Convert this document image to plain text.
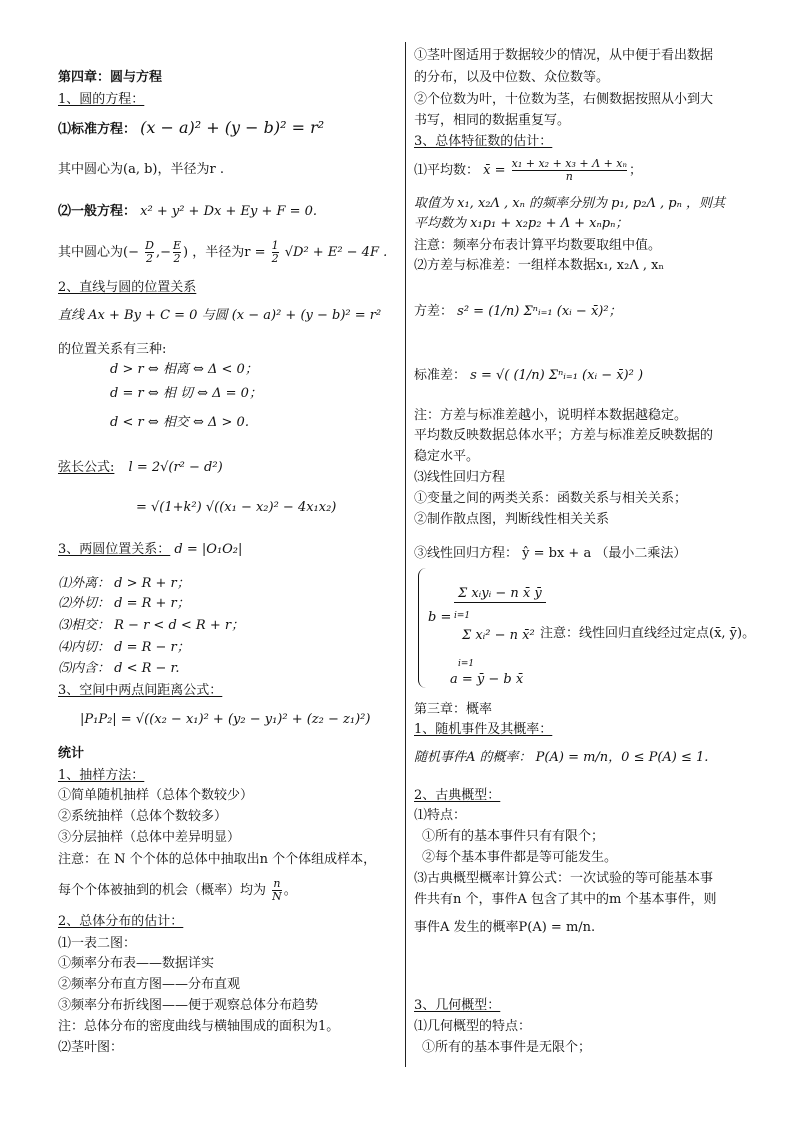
第四章：圆与方程
1、圆的方程：
⑴标准方程： (x − a)² + (y − b)² = r²
其中圆心为(a, b)，半径为r .
⑵一般方程： x² + y² + Dx + Ey + F = 0.
其中圆心为(− $\frac{D}{2}$ ,− $\frac{E}{2}$ ) ，半径为$r = \frac{1}{2} √D^2 + E^2 - 4F$ .
2、直线与圆的位置关系
直线 Ax + By + C = 0 与圆 (x − a)² + (y − b)² = r²
的位置关系有三种:
d > r ⇔ 相离 ⇔ Δ < 0；
d = r ⇔ 相 切 ⇔ Δ = 0；
d < r ⇔ 相交 ⇔ Δ > 0.
弦长公式: l = 2√(r² − d²)
= √(1+k²) √((x₁ − x₂)² − 4x₁x₂)
3、两圆位置关系： d = |O₁O₂|
⑴外离： d > R + r；
⑵外切： d = R + r；
⑶相交： R − r < d < R + r；
⑷内切： d = R − r；
⑸内含： d < R − r.
3、空间中两点间距离公式：
|P₁P₂| = √((x₂ − x₁)² + (y₂ − y₁)² + (z₂ − z₁)²)
统计
1、抽样方法：
①简单随机抽样（总体个数较少）
②系统抽样（总体个数较多）
③分层抽样（总体中差异明显）
注意：在 N 个个体的总体中抽取出n 个个体组成样本，
每个个体被抽到的机会（概率）均为 $\frac{n}{N}$ 。
2、总体分布的估计：
⑴一表二图：
①频率分布表——数据详实
②频率分布直方图——分布直观
③频率分布折线图——便于观察总体分布趋势
注：总体分布的密度曲线与横轴围成的面积为1。
⑵茎叶图：
①茎叶图适用于数据较少的情况，从中便于看出数据
的分布，以及中位数、众位数等。
②个位数为叶，十位数为茎，右侧数据按照从小到大
书写，相同的数据重复写。
3、总体特征数的估计：
⑴平均数： x̄ = $\frac{\text{x₁ + x₂ + x₃ + Λ + xₙ}}{n}$ ；
取值为 x₁, x₂Λ , xₙ 的频率分别为 p₁, p₂Λ , pₙ ，则其
平均数为 x₁p₁ + x₂p₂ + Λ + xₙpₙ；
注意：频率分布表计算平均数要取组中值。
⑵方差与标准差：一组样本数据x₁, x₂Λ , xₙ
方差： s² = (1/n) Σⁿᵢ₌₁ (xᵢ − x̄)²；
标准差： s = √( (1/n) Σⁿᵢ₌₁ (xᵢ − x̄)² )
注：方差与标准差越小，说明样本数据越稳定。
平均数反映数据总体水平；方差与标准差反映数据的
稳定水平。
⑶线性回归方程
①变量之间的两类关系：函数关系与相关关系；
②制作散点图，判断线性相关关系
③线性回归方程： ŷ = bx + a （最小二乘法）
b =
Σ xᵢyᵢ − n x̄ ȳ
Σ xᵢ² − n x̄²
i=1
i=1
注意：线性回归直线经过定点(x̄, ȳ)。
a = ȳ − b x̄
第三章：概率
1、随机事件及其概率：
随机事件A 的概率： P(A) = m/n，0 ≤ P(A) ≤ 1.
2、古典概型：
⑴特点：
①所有的基本事件只有有限个；
②每个基本事件都是等可能发生。
⑶古典概型概率计算公式：一次试验的等可能基本事
件共有n 个，事件A 包含了其中的m 个基本事件，则
事件A 发生的概率P(A) = m/n.
3、几何概型：
⑴几何概型的特点：
①所有的基本事件是无限个；
